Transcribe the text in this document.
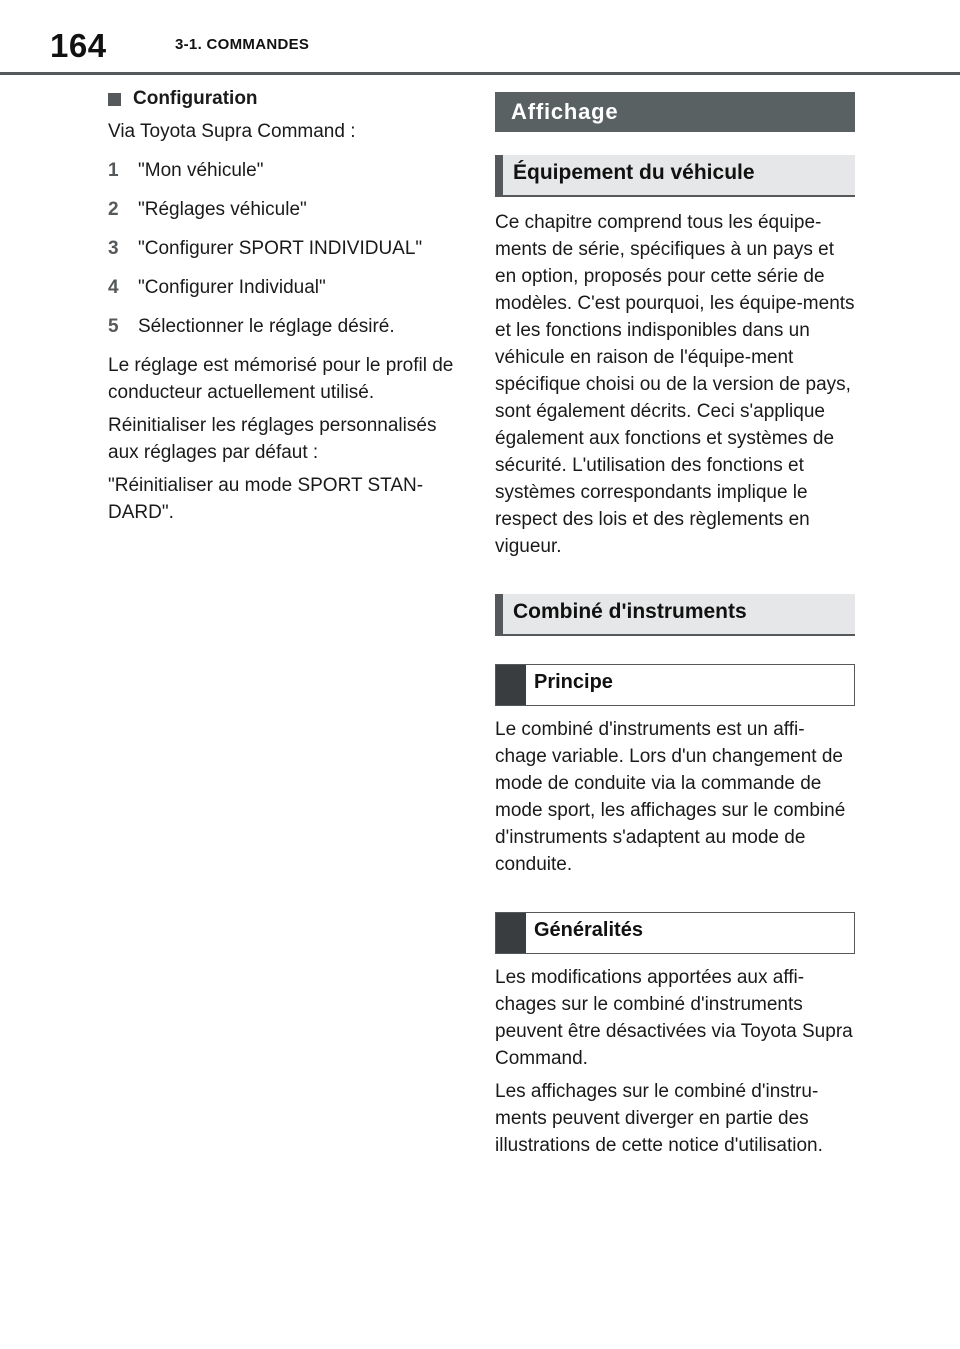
164	3-1. COMMANDES
Configuration

Via Toyota Supra Command :

1	"Mon véhicule"
2	"Réglages véhicule"
3	"Configurer SPORT INDIVIDUAL"
4	"Configurer Individual"
5	Sélectionner le réglage désiré.

Le réglage est mémorisé pour le profil de conducteur actuellement utilisé.

Réinitialiser les réglages personnalisés aux réglages par défaut :

"Réinitialiser au mode SPORT STAN-DARD".

Affichage
Équipement du véhicule

Ce chapitre comprend tous les équipe-ments de série, spécifiques à un pays et en option, proposés pour cette série de modèles. C'est pourquoi, les équipe-ments et les fonctions indisponibles dans un véhicule en raison de l'équipe-ment spécifique choisi ou de la version de pays, sont également décrits. Ceci s'applique également aux fonctions et systèmes de sécurité. L'utilisation des fonctions et systèmes correspondants implique le respect des lois et des règlements en vigueur.

Combiné d'instruments
Principe

Le combiné d'instruments est un affi-chage variable. Lors d'un changement de mode de conduite via la commande de mode sport, les affichages sur le combiné d'instruments s'adaptent au mode de conduite.

Généralités

Les modifications apportées aux affi-chages sur le combiné d'instruments peuvent être désactivées via Toyota Supra Command.

Les affichages sur le combiné d'instru-ments peuvent diverger en partie des illustrations de cette notice d'utilisation.
